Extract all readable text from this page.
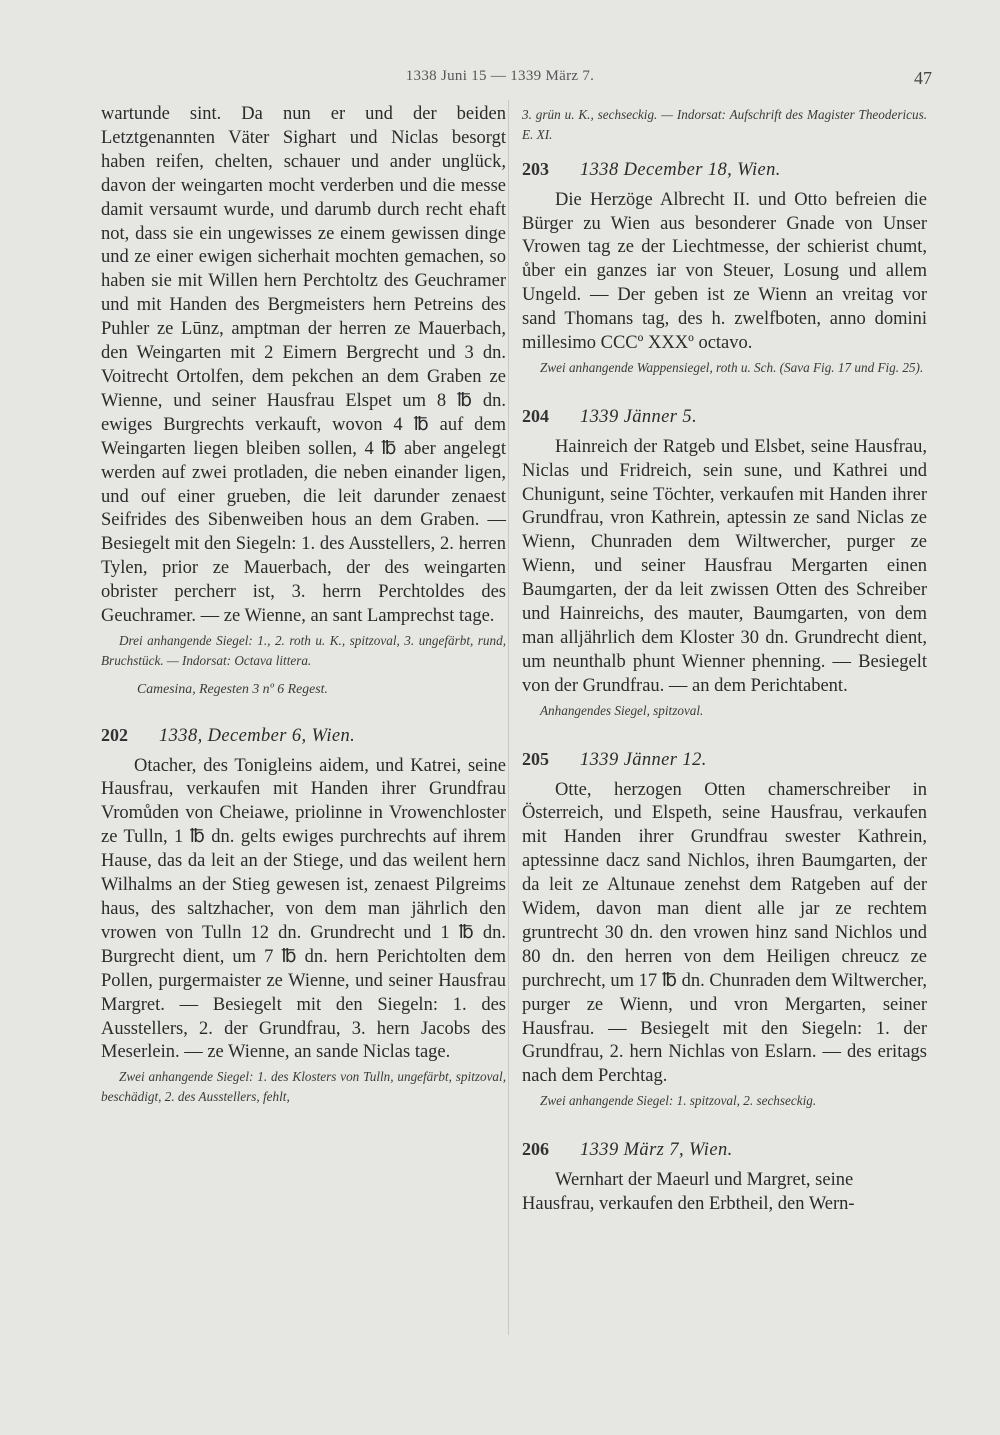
1338 Juni 15 — 1339 März 7.	47

wartunde sint. Da nun er und der beiden Letztgenannten Väter Sighart und Niclas besorgt haben reifen, chelten, schauer und ander unglück, davon der weingarten mocht verderben und die messe damit versaumt wurde, und darumb durch recht ehaft not, dass sie ein ungewisses ze einem gewissen dinge und ze einer ewigen sicherhait mochten gemachen, so haben sie mit Willen hern Perchtoltz des Geuchramer und mit Handen des Bergmeisters hern Petreins des Puhler ze Lūnz, amptman der herren ze Mauerbach, den Weingarten mit 2 Eimern Bergrecht und 3 dn. Voitrecht Ortolfen, dem pekchen an dem Graben ze Wienne, und seiner Hausfrau Elspet um 8 ℔ dn. ewiges Burgrechts verkauft, wovon 4 ℔ auf dem Weingarten liegen bleiben sollen, 4 ℔ aber angelegt werden auf zwei protladen, die neben einander ligen, und ouf einer grueben, die leit darunder zenaest Seifrides des Sibenweiben hous an dem Graben. — Besiegelt mit den Siegeln: 1. des Ausstellers, 2. herren Tylen, prior ze Mauerbach, der des weingarten obrister percherr ist, 3. herrn Perchtoldes des Geuchramer. — ze Wienne, an sant Lamprechst tage.

Drei anhangende Siegel: 1., 2. roth u. K., spitzoval, 3. ungefärbt, rund, Bruchstück. — Indorsat: Octava littera.

Camesina, Regesten 3 nº 6 Regest.

202	1338, December 6, Wien.

Otacher, des Tonigleins aidem, und Katrei, seine Hausfrau, verkaufen mit Handen ihrer Grundfrau Vromůden von Cheiawe, priolinne in Vrowenchloster ze Tulln, 1 ℔ dn. gelts ewiges purchrechts auf ihrem Hause, das da leit an der Stiege, und das weilent hern Wilhalms an der Stieg gewesen ist, zenaest Pilgreims haus, des saltzhacher, von dem man jährlich den vrowen von Tulln 12 dn. Grundrecht und 1 ℔ dn. Burgrecht dient, um 7 ℔ dn. hern Perichtolten dem Pollen, purgermaister ze Wienne, und seiner Hausfrau Margret. — Besiegelt mit den Siegeln: 1. des Ausstellers, 2. der Grundfrau, 3. hern Jacobs des Meserlein. — ze Wienne, an sande Niclas tage.

Zwei anhangende Siegel: 1. des Klosters von Tulln, ungefärbt, spitzoval, beschädigt, 2. des Ausstellers, fehlt,

3. grün u. K., sechseckig. — Indorsat: Aufschrift des Magister Theodericus. E. XI.

203	1338 December 18, Wien.

Die Herzöge Albrecht II. und Otto befreien die Bürger zu Wien aus besonderer Gnade von Unser Vrowen tag ze der Liechtmesse, der schierist chumt, ůber ein ganzes iar von Steuer, Losung und allem Ungeld. — Der geben ist ze Wienn an vreitag vor sand Thomans tag, des h. zwelfboten, anno domini millesimo CCCº XXXº octavo.

Zwei anhangende Wappensiegel, roth u. Sch. (Sava Fig. 17 und Fig. 25).

204	1339 Jänner 5.

Hainreich der Ratgeb und Elsbet, seine Hausfrau, Niclas und Fridreich, sein sune, und Kathrei und Chunigunt, seine Töchter, verkaufen mit Handen ihrer Grundfrau, vron Kathrein, aptessin ze sand Niclas ze Wienn, Chunraden dem Wiltwercher, purger ze Wienn, und seiner Hausfrau Mergarten einen Baumgarten, der da leit zwissen Otten des Schreiber und Hainreichs, des mauter, Baumgarten, von dem man alljährlich dem Kloster 30 dn. Grundrecht dient, um neunthalb phunt Wienner phenning. — Besiegelt von der Grundfrau. — an dem Perichtabent.

Anhangendes Siegel, spitzoval.

205	1339 Jänner 12.

Otte, herzogen Otten chamerschreiber in Österreich, und Elspeth, seine Hausfrau, verkaufen mit Handen ihrer Grundfrau swester Kathrein, aptessinne dacz sand Nichlos, ihren Baumgarten, der da leit ze Altunaue zenehst dem Ratgeben auf der Widem, davon man dient alle jar ze rechtem gruntrecht 30 dn. den vrowen hinz sand Nichlos und 80 dn. den herren von dem Heiligen chreucz ze purchrecht, um 17 ℔ dn. Chunraden dem Wiltwercher, purger ze Wienn, und vron Mergarten, seiner Hausfrau. — Besiegelt mit den Siegeln: 1. der Grundfrau, 2. hern Nichlas von Eslarn. — des eritags nach dem Perchtag.

Zwei anhangende Siegel: 1. spitzoval, 2. sechseckig.

206	1339 März 7, Wien.

Wernhart der Maeurl und Margret, seine Hausfrau, verkaufen den Erbtheil, den Wern-
